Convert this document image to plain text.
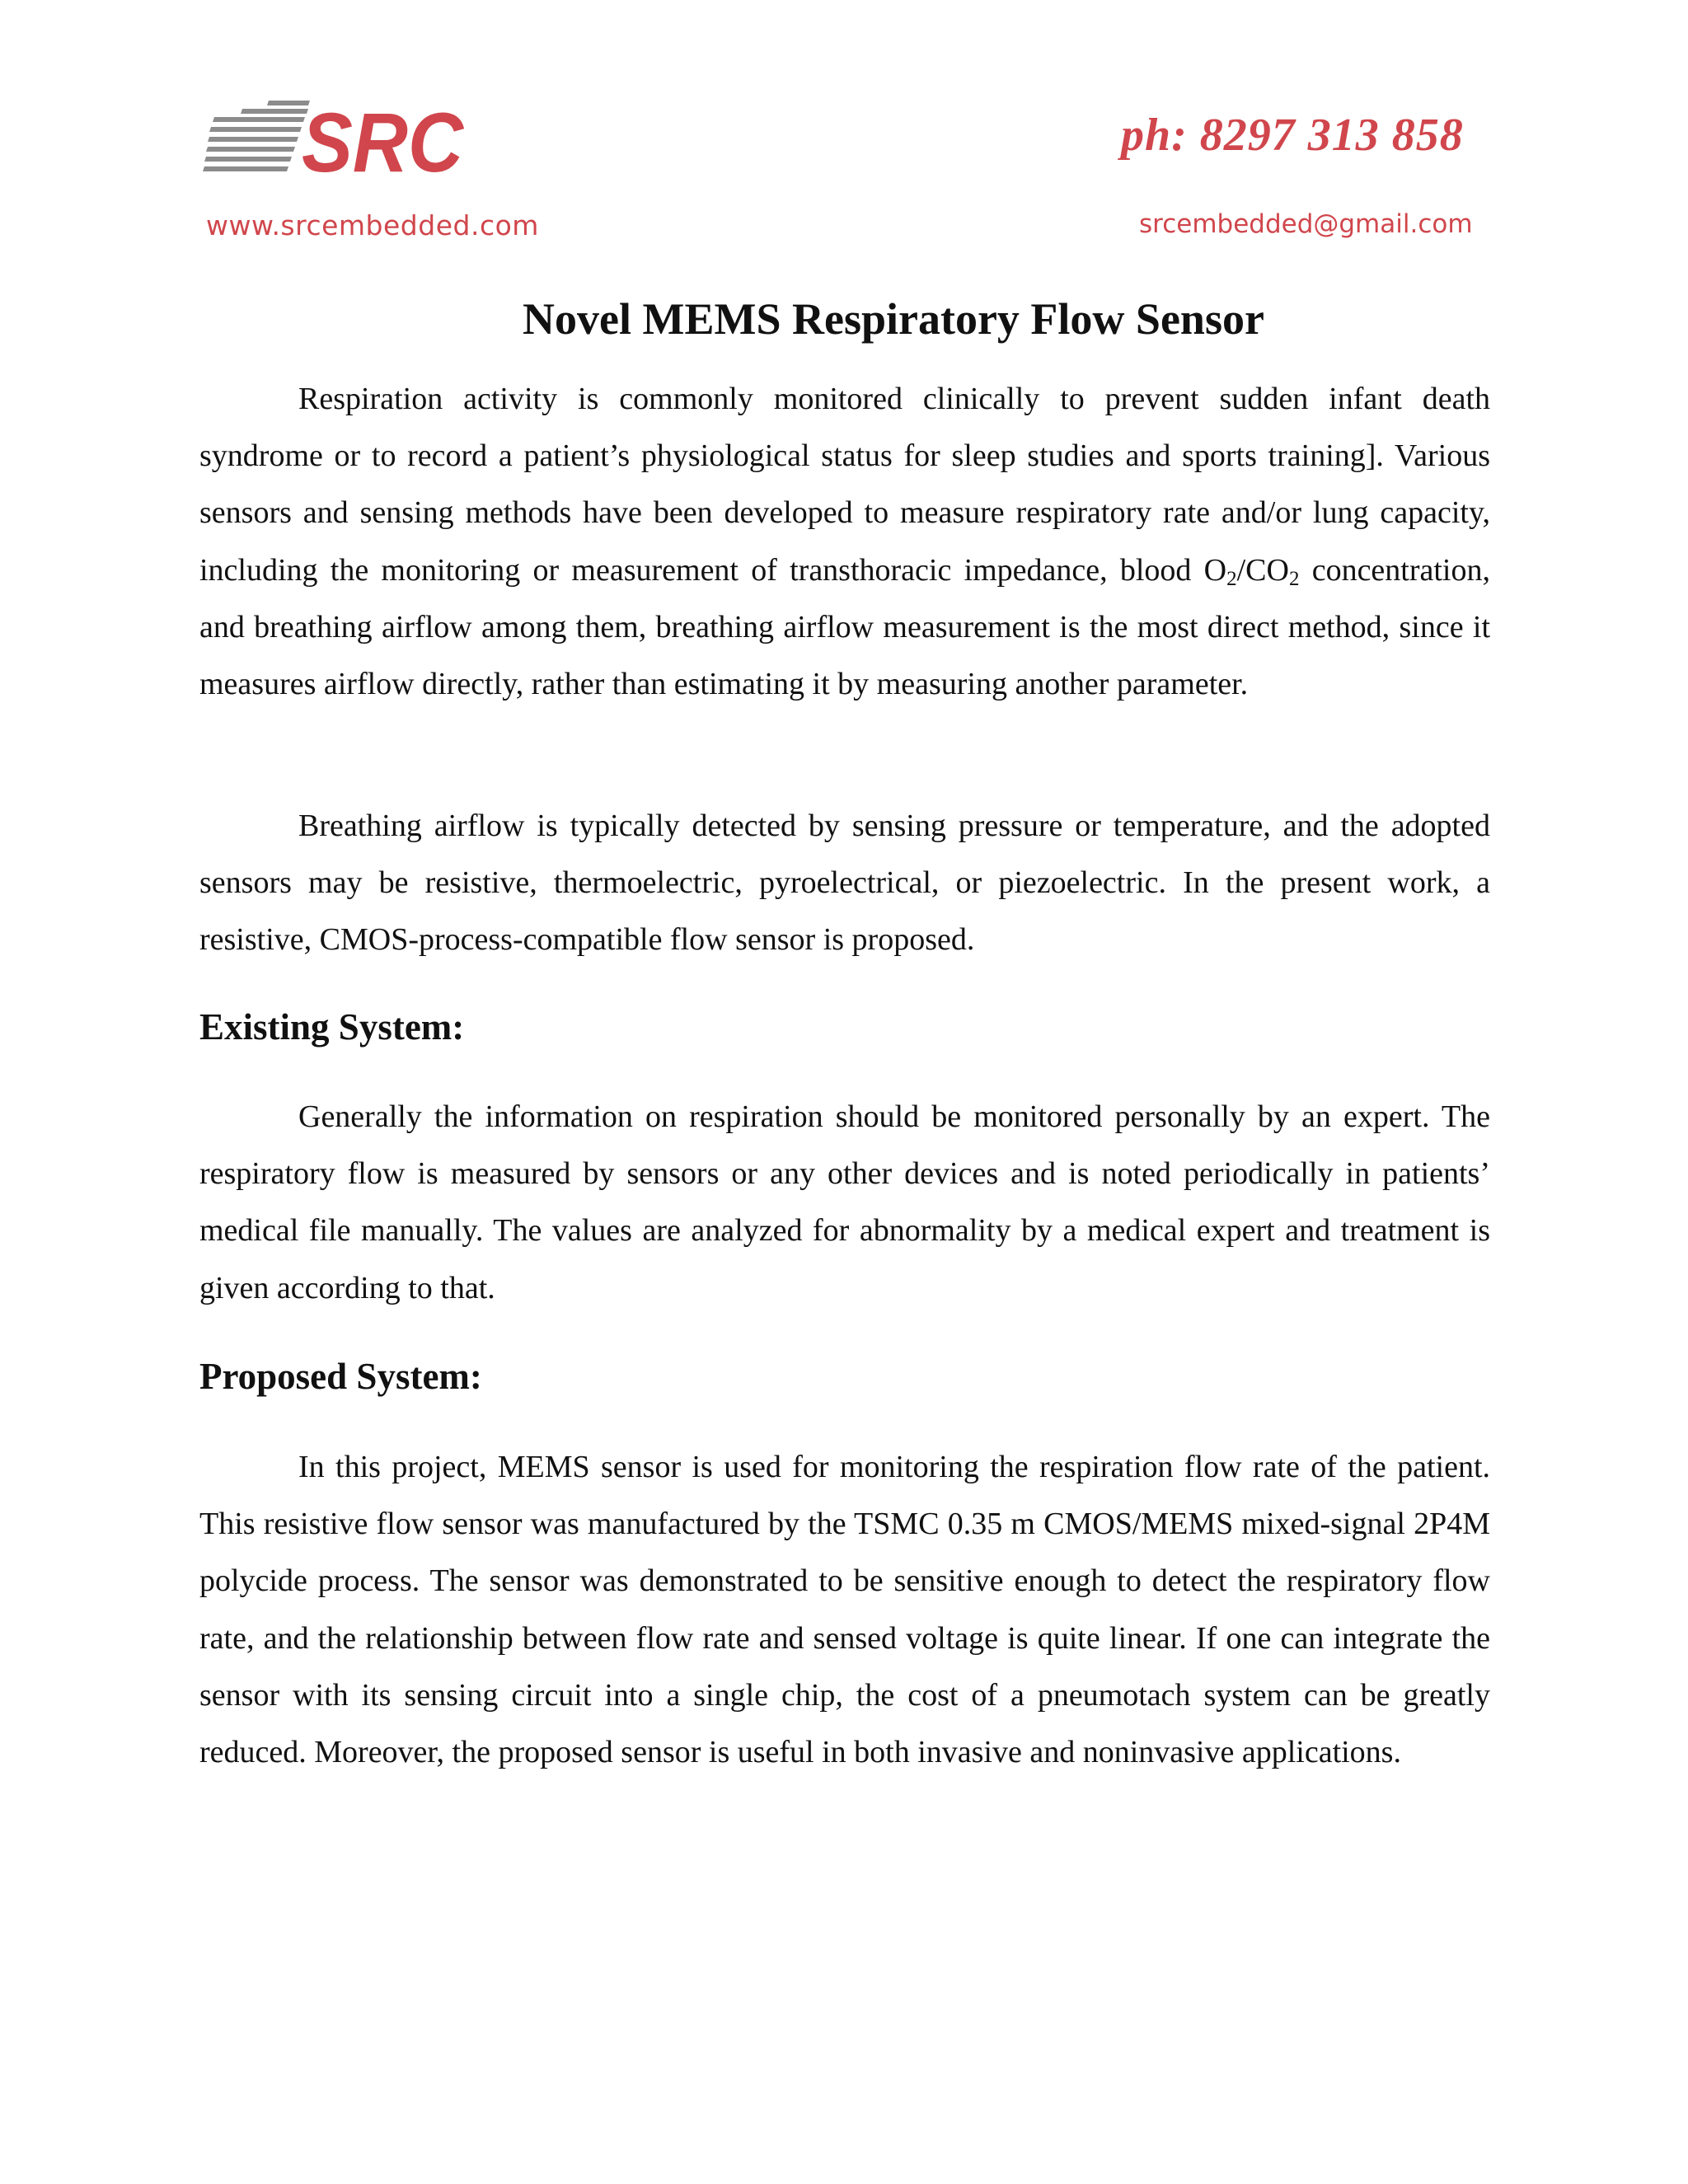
SRC
www.srcembedded.com
ph: 8297 313 858
srcembedded@gmail.com
Novel MEMS Respiratory Flow Sensor

Respiration activity is commonly monitored clinically to prevent sudden infant death syndrome or to record a patient’s physiological status for sleep studies and sports training]. Various sensors and sensing methods have been developed to measure respiratory rate and/or lung capacity, including the monitoring or measurement of transthoracic impedance, blood $O_2/CO_2$ concentration, and breathing airflow among them, breathing airflow measurement is the most direct method, since it measures airflow directly, rather than estimating it by measuring another parameter.

Breathing airflow is typically detected by sensing pressure or temperature, and the adopted sensors may be resistive, thermoelectric, pyroelectrical, or piezoelectric. In the present work, a resistive, CMOS-process-compatible flow sensor is proposed.

Existing System:

Generally the information on respiration should be monitored personally by an expert. The respiratory flow is measured by sensors or any other devices and is noted periodically in patients’ medical file manually. The values are analyzed for abnormality by a medical expert and treatment is given according to that.

Proposed System:

In this project, MEMS sensor is used for monitoring the respiration flow rate of the patient. This resistive flow sensor was manufactured by the TSMC 0.35 m CMOS/MEMS mixed-signal 2P4M polycide process. The sensor was demonstrated to be sensitive enough to detect the respiratory flow rate, and the relationship between flow rate and sensed voltage is quite linear. If one can integrate the sensor with its sensing circuit into a single chip, the cost of a pneumotach system can be greatly reduced. Moreover, the proposed sensor is useful in both invasive and noninvasive applications.
